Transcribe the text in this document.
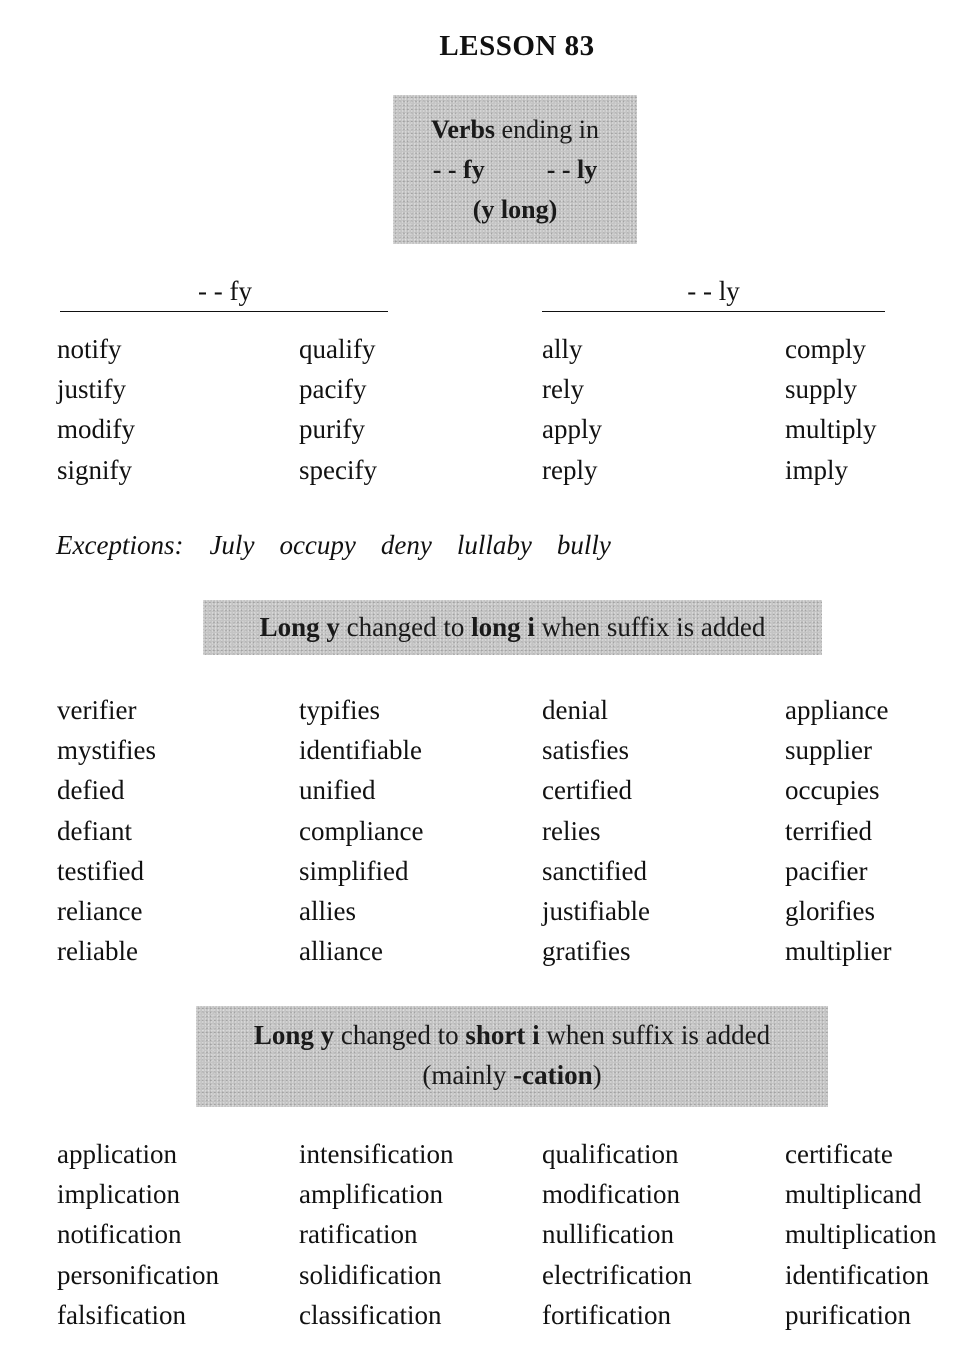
LESSON 83
Verbs ending in
- - fy - - ly
(y long)
- - fy	- - ly
notify
justify
modify
signify
qualify
pacify
purify
specify
ally
rely
apply
reply
comply
supply
multiply
imply
Exceptions: July occupy deny lullaby bully
Long y changed to long i when suffix is added
verifier
mystifies
defied
defiant
testified
reliance
reliable
typifies
identifiable
unified
compliance
simplified
allies
alliance
denial
satisfies
certified
relies
sanctified
justifiable
gratifies
appliance
supplier
occupies
terrified
pacifier
glorifies
multiplier
Long y changed to short i when suffix is added
(mainly -cation)
application
implication
notification
personification
falsification
intensification
amplification
ratification
solidification
classification
qualification
modification
nullification
electrification
fortification
certificate
multiplicand
multiplication
identification
purification
